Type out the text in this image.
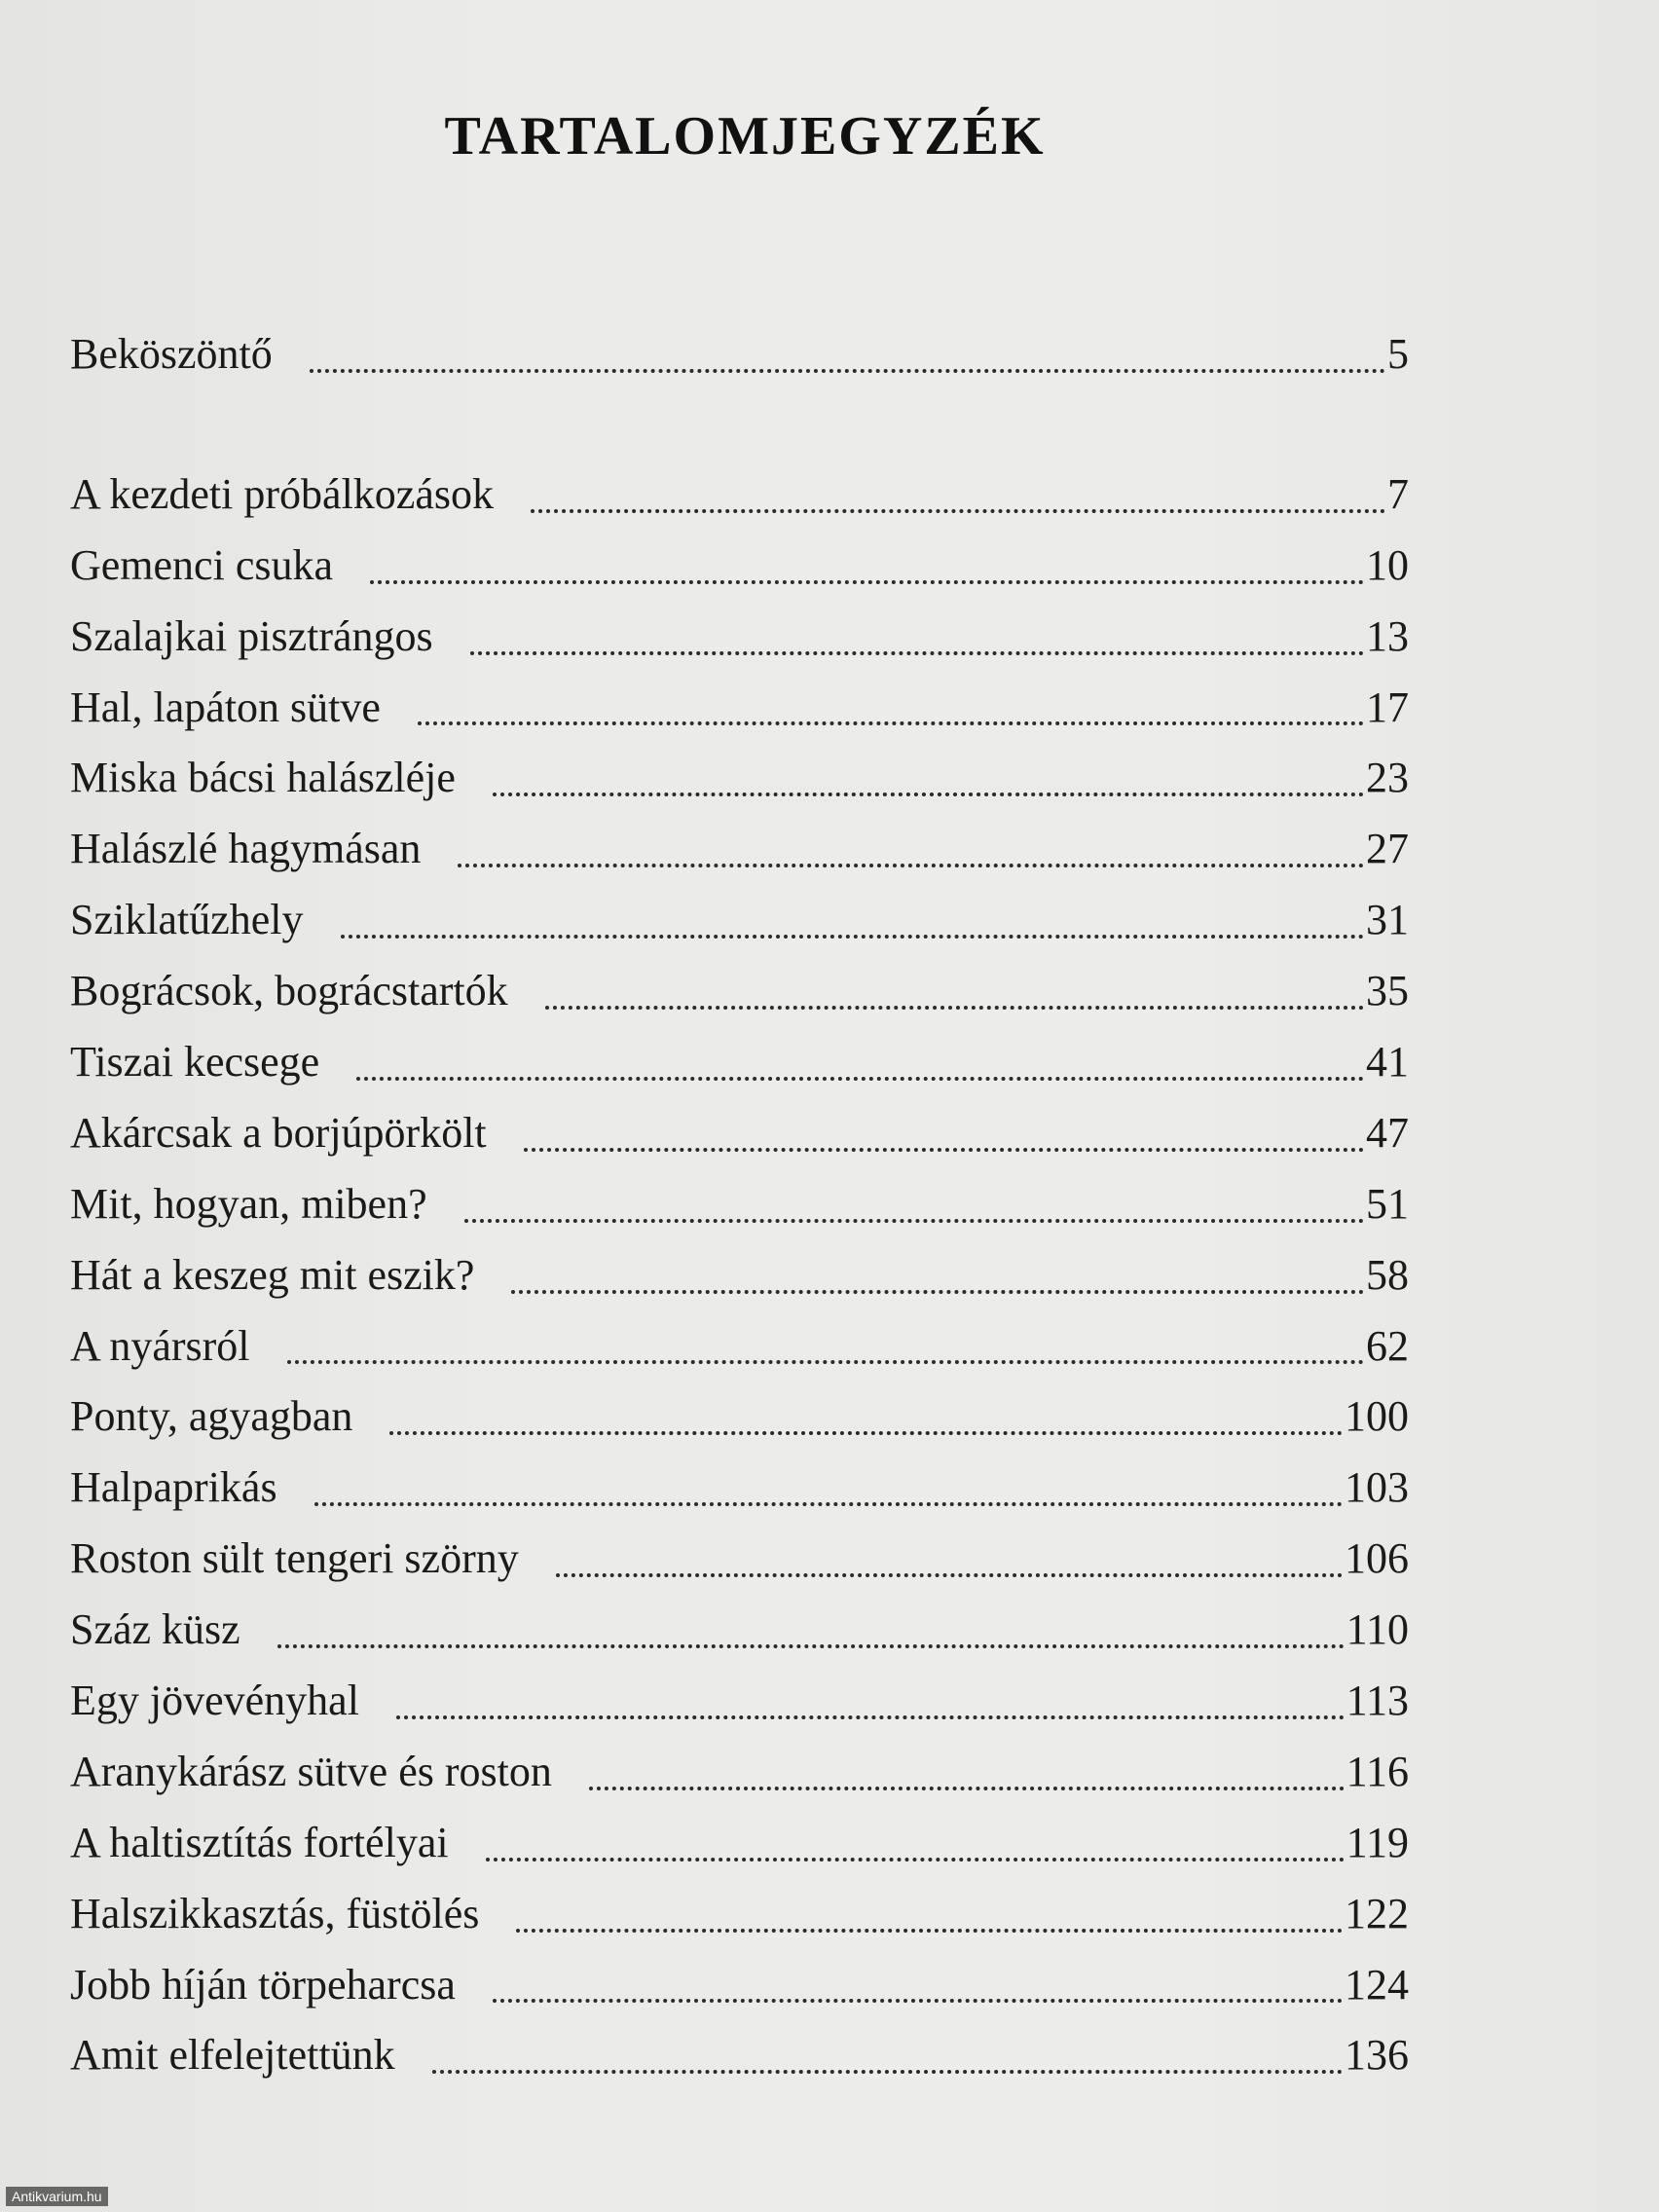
TARTALOMJEGYZÉK
Beköszöntő	5
A kezdeti próbálkozások	7
Gemenci csuka	10
Szalajkai pisztrángos	13
Hal, lapáton sütve	17
Miska bácsi halászléje	23
Halászlé hagymásan	27
Sziklatűzhely	31
Bográcsok, bográcstartók	35
Tiszai kecsege	41
Akárcsak a borjúpörkölt	47
Mit, hogyan, miben?	51
Hát a keszeg mit eszik?	58
A nyársról	62
Ponty, agyagban	100
Halpaprikás	103
Roston sült tengeri szörny	106
Száz küsz	110
Egy jövevényhal	113
Aranykárász sütve és roston	116
A haltisztítás fortélyai	119
Halszikkasztás, füstölés	122
Jobb híján törpeharcsa	124
Amit elfelejtettünk	136
Antikvarium.hu
